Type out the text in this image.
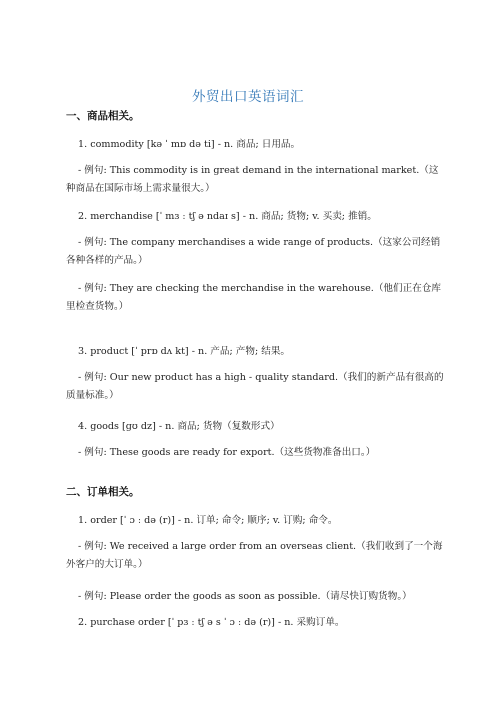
外贸出口英语词汇
一、商品相关。
1. commodity [kə ˈ mɒ də ti] - n. 商品; 日用品。
- 例句: This commodity is in great demand in the international market.（这种商品在国际市场上需求量很大。）
2. merchandise [ˈ mɜ ː tʃ ə ndaɪ s] - n. 商品; 货物; v. 买卖; 推销。
- 例句: The company merchandises a wide range of products.（这家公司经销各种各样的产品。）
- 例句: They are checking the merchandise in the warehouse.（他们正在仓库里检查货物。）
3. product [ˈ prɒ dʌ kt] - n. 产品; 产物; 结果。
- 例句: Our new product has a high - quality standard.（我们的新产品有很高的质量标准。）
4. goods [gʊ dz] - n. 商品; 货物（复数形式）
- 例句: These goods are ready for export.（这些货物准备出口。）
二、订单相关。
1. order [ˈ ɔ ː də (r)] - n. 订单; 命令; 顺序; v. 订购; 命令。
- 例句: We received a large order from an overseas client.（我们收到了一个海外客户的大订单。）
- 例句: Please order the goods as soon as possible.（请尽快订购货物。）
2. purchase order [ˈ pɜ ː tʃ ə s ˈ ɔ ː də (r)] - n. 采购订单。
